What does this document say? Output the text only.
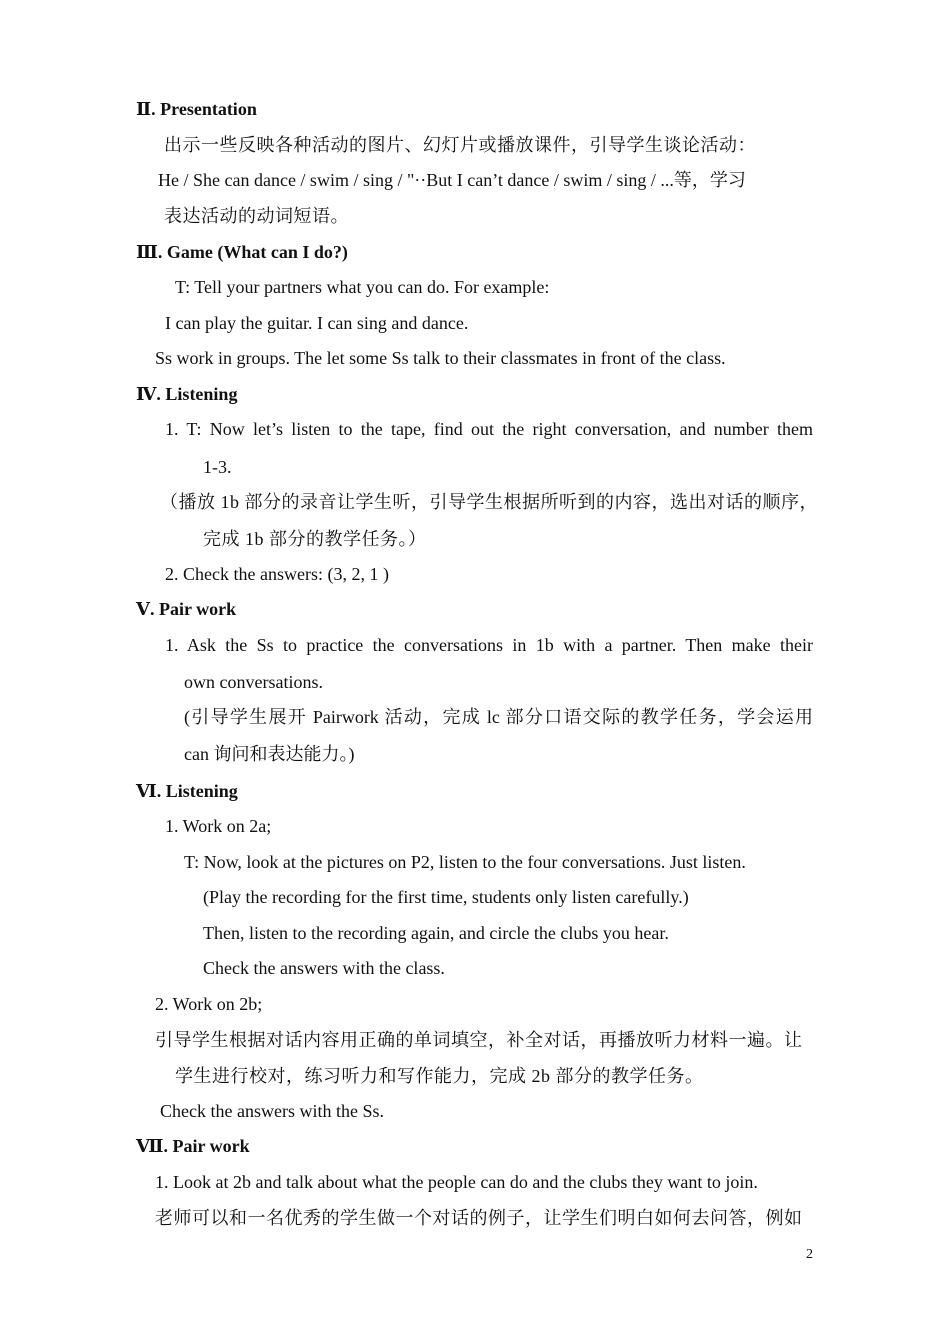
Ⅱ. Presentation
出示一些反映各种活动的图片、幻灯片或播放课件，引导学生谈论活动：
He / She can dance / swim / sing / "··But I can’t dance / swim / sing / ...等，学习
表达活动的动词短语。
Ⅲ. Game (What can I do?)
T: Tell your partners what you can do. For example:
I can play the guitar. I can sing and dance.
Ss work in groups. The let some Ss talk to their classmates in front of the class.
Ⅳ. Listening
1. T: Now let’s listen to the tape, find out the right conversation, and number them
1-3.
（播放 1b 部分的录音让学生听，引导学生根据所听到的内容，选出对话的顺序，
完成 1b 部分的教学任务。）
2. Check the answers: (3, 2, 1 )
Ⅴ. Pair work
1. Ask the Ss to practice the conversations in 1b with a partner. Then make their
own conversations.
(引导学生展开 Pairwork 活动，完成 lc 部分口语交际的教学任务，学会运用
can 询问和表达能力。)
Ⅵ. Listening
1. Work on 2a;
T: Now, look at the pictures on P2, listen to the four conversations. Just listen.
(Play the recording for the first time, students only listen carefully.)
Then, listen to the recording again, and circle the clubs you hear.
Check the answers with the class.
2. Work on 2b;
引导学生根据对话内容用正确的单词填空，补全对话，再播放听力材料一遍。让
学生进行校对，练习听力和写作能力，完成 2b 部分的教学任务。
Check the answers with the Ss.
Ⅶ. Pair work
1. Look at 2b and talk about what the people can do and the clubs they want to join.
老师可以和一名优秀的学生做一个对话的例子，让学生们明白如何去问答，例如
2
